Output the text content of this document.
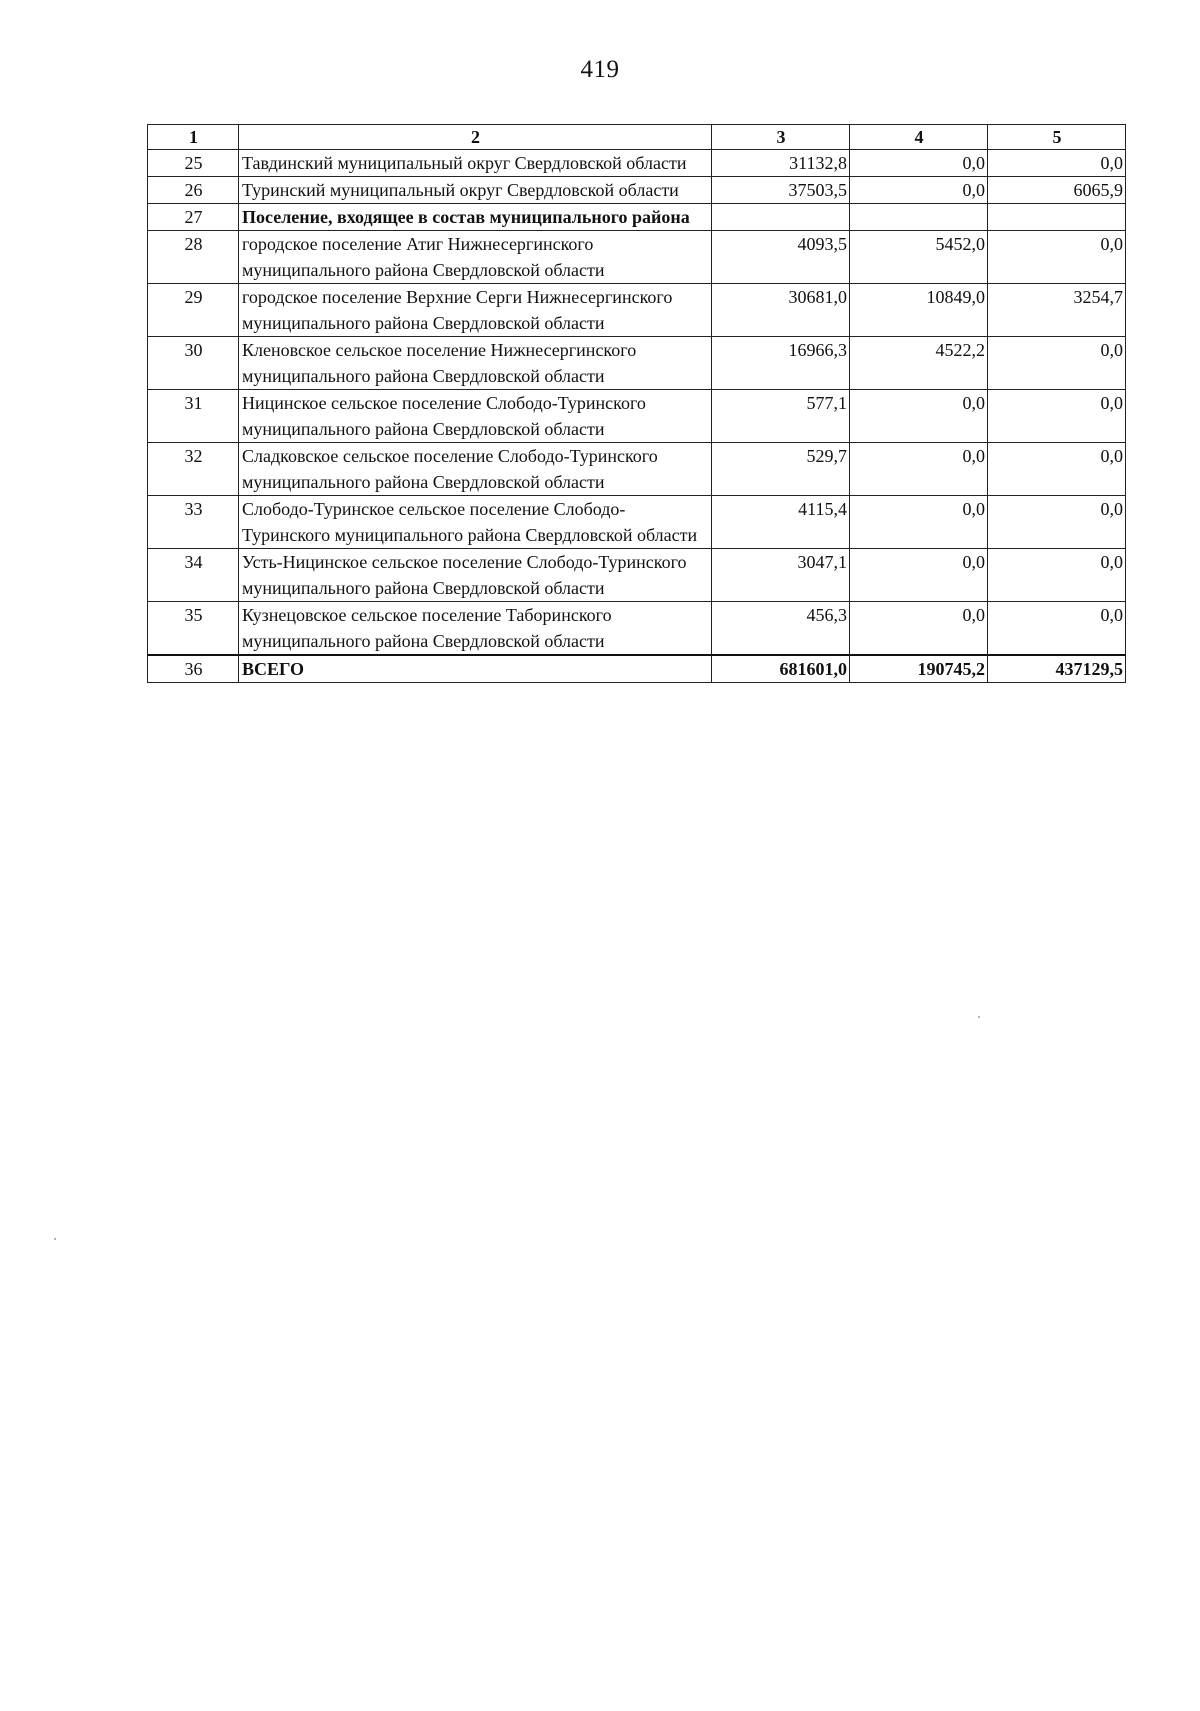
419
1	2	3	4	5
25	Тавдинский муниципальный округ Свердловской области	31132,8	0,0	0,0
26	Туринский муниципальный округ Свердловской области	37503,5	0,0	6065,9
27	Поселение, входящее в состав муниципального района			
28	городское поселение Атиг Нижнесергинского муниципального района Свердловской области	4093,5	5452,0	0,0
29	городское поселение Верхние Серги Нижнесергинского муниципального района Свердловской области	30681,0	10849,0	3254,7
30	Кленовское сельское поселение Нижнесергинского муниципального района Свердловской области	16966,3	4522,2	0,0
31	Ницинское сельское поселение Слободо-Туринского муниципального района Свердловской области	577,1	0,0	0,0
32	Сладковское сельское поселение Слободо-Туринского муниципального района Свердловской области	529,7	0,0	0,0
33	Слободо-Туринское сельское поселение Слободо-Туринского муниципального района Свердловской области	4115,4	0,0	0,0
34	Усть-Ницинское сельское поселение Слободо-Туринского муниципального района Свердловской области	3047,1	0,0	0,0
35	Кузнецовское сельское поселение Таборинского муниципального района Свердловской области	456,3	0,0	0,0
36	ВСЕГО	681601,0	190745,2	437129,5
